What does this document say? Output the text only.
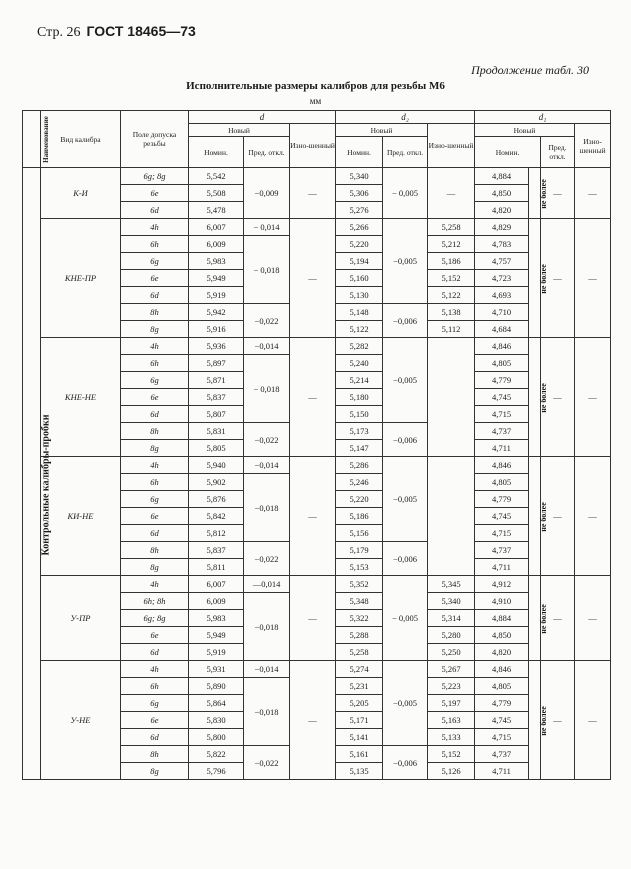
Стр. 26 ГОСТ 18465—73
Продолжение табл. 30
Исполнительные размеры калибров для резьбы М6
мм
Наименование	Вид калибра	Поле допуска резьбы	d			d₂			d₁			
			Новый		Изно-шенный	Новый		Изно-шенный	Новый			Изно-шенный
			Номин.	Пред. откл.		Номин.	Пред. откл.		Номин.		Пред. откл.	
	К-И	6g; 8g	5,542	−0,009	—	5,340	− 0,005	—	4,884	не более	—	—
		6e	5,508			5,306			4,850			
		6d	5,478			5,276			4,820			
	КНЕ-ПР	4h	6,007	− 0,014	—	5,266	−0,005	5,258	4,829	не более	—	—
		6h	6,009	− 0,018		5,220		5,212	4,783			
		6g	5,983			5,194		5,186	4,757			
		6e	5,949			5,160		5,152	4,723			
		6d	5,919			5,130		5,122	4,693			
		8h	5,942	−0,022		5,148	−0,006	5,138	4,710			
		8g	5,916			5,122		5,112	4,684			
	КНЕ-НЕ	4h	5,936	−0,014	—	5,282	−0,005		4,846	не более	—	—
		6h	5,897	− 0,018		5,240			4,805			
		6g	5,871			5,214			4,779			
		6e	5,837			5,180			4,745			
		6d	5,807			5,150			4,715			
		8h	5,831	−0,022		5,173	−0,006		4,737			
		8g	5,805			5,147			4,711			
	КИ-НЕ	4h	5,940	−0,014	—	5,286	−0,005		4,846	не более	—	—
		6h	5,902	−0,018		5,246			4,805			
		6g	5,876			5,220			4,779			
		6e	5,842			5,186			4,745			
		6d	5,812			5,156			4,715			
		8h	5,837	−0,022		5,179	−0,006		4,737			
		8g	5,811			5,153			4,711			
	У-ПР	4h	6,007	—0,014	—	5,352	− 0,005	5,345	4,912	не более	—	—
		6h; 8h	6,009	−0,018		5,348		5,340	4,910			
		6g; 8g	5,983			5,322		5,314	4,884			
		6e	5,949			5,288		5,280	4,850			
		6d	5,919			5,258		5,250	4,820			
	У-НЕ	4h	5,931	−0,014	—	5,274	−0,005	5,267	4,846	не более	—	—
		6h	5,890	−0,018		5,231		5,223	4,805			
		6g	5,864			5,205		5,197	4,779			
		6e	5,830			5,171		5,163	4,745			
		6d	5,800			5,141		5,133	4,715			
		8h	5,822	−0,022		5,161	−0,006	5,152	4,737			
		8g	5,796			5,135		5,126	4,711			
Контрольные калибры-пробки
